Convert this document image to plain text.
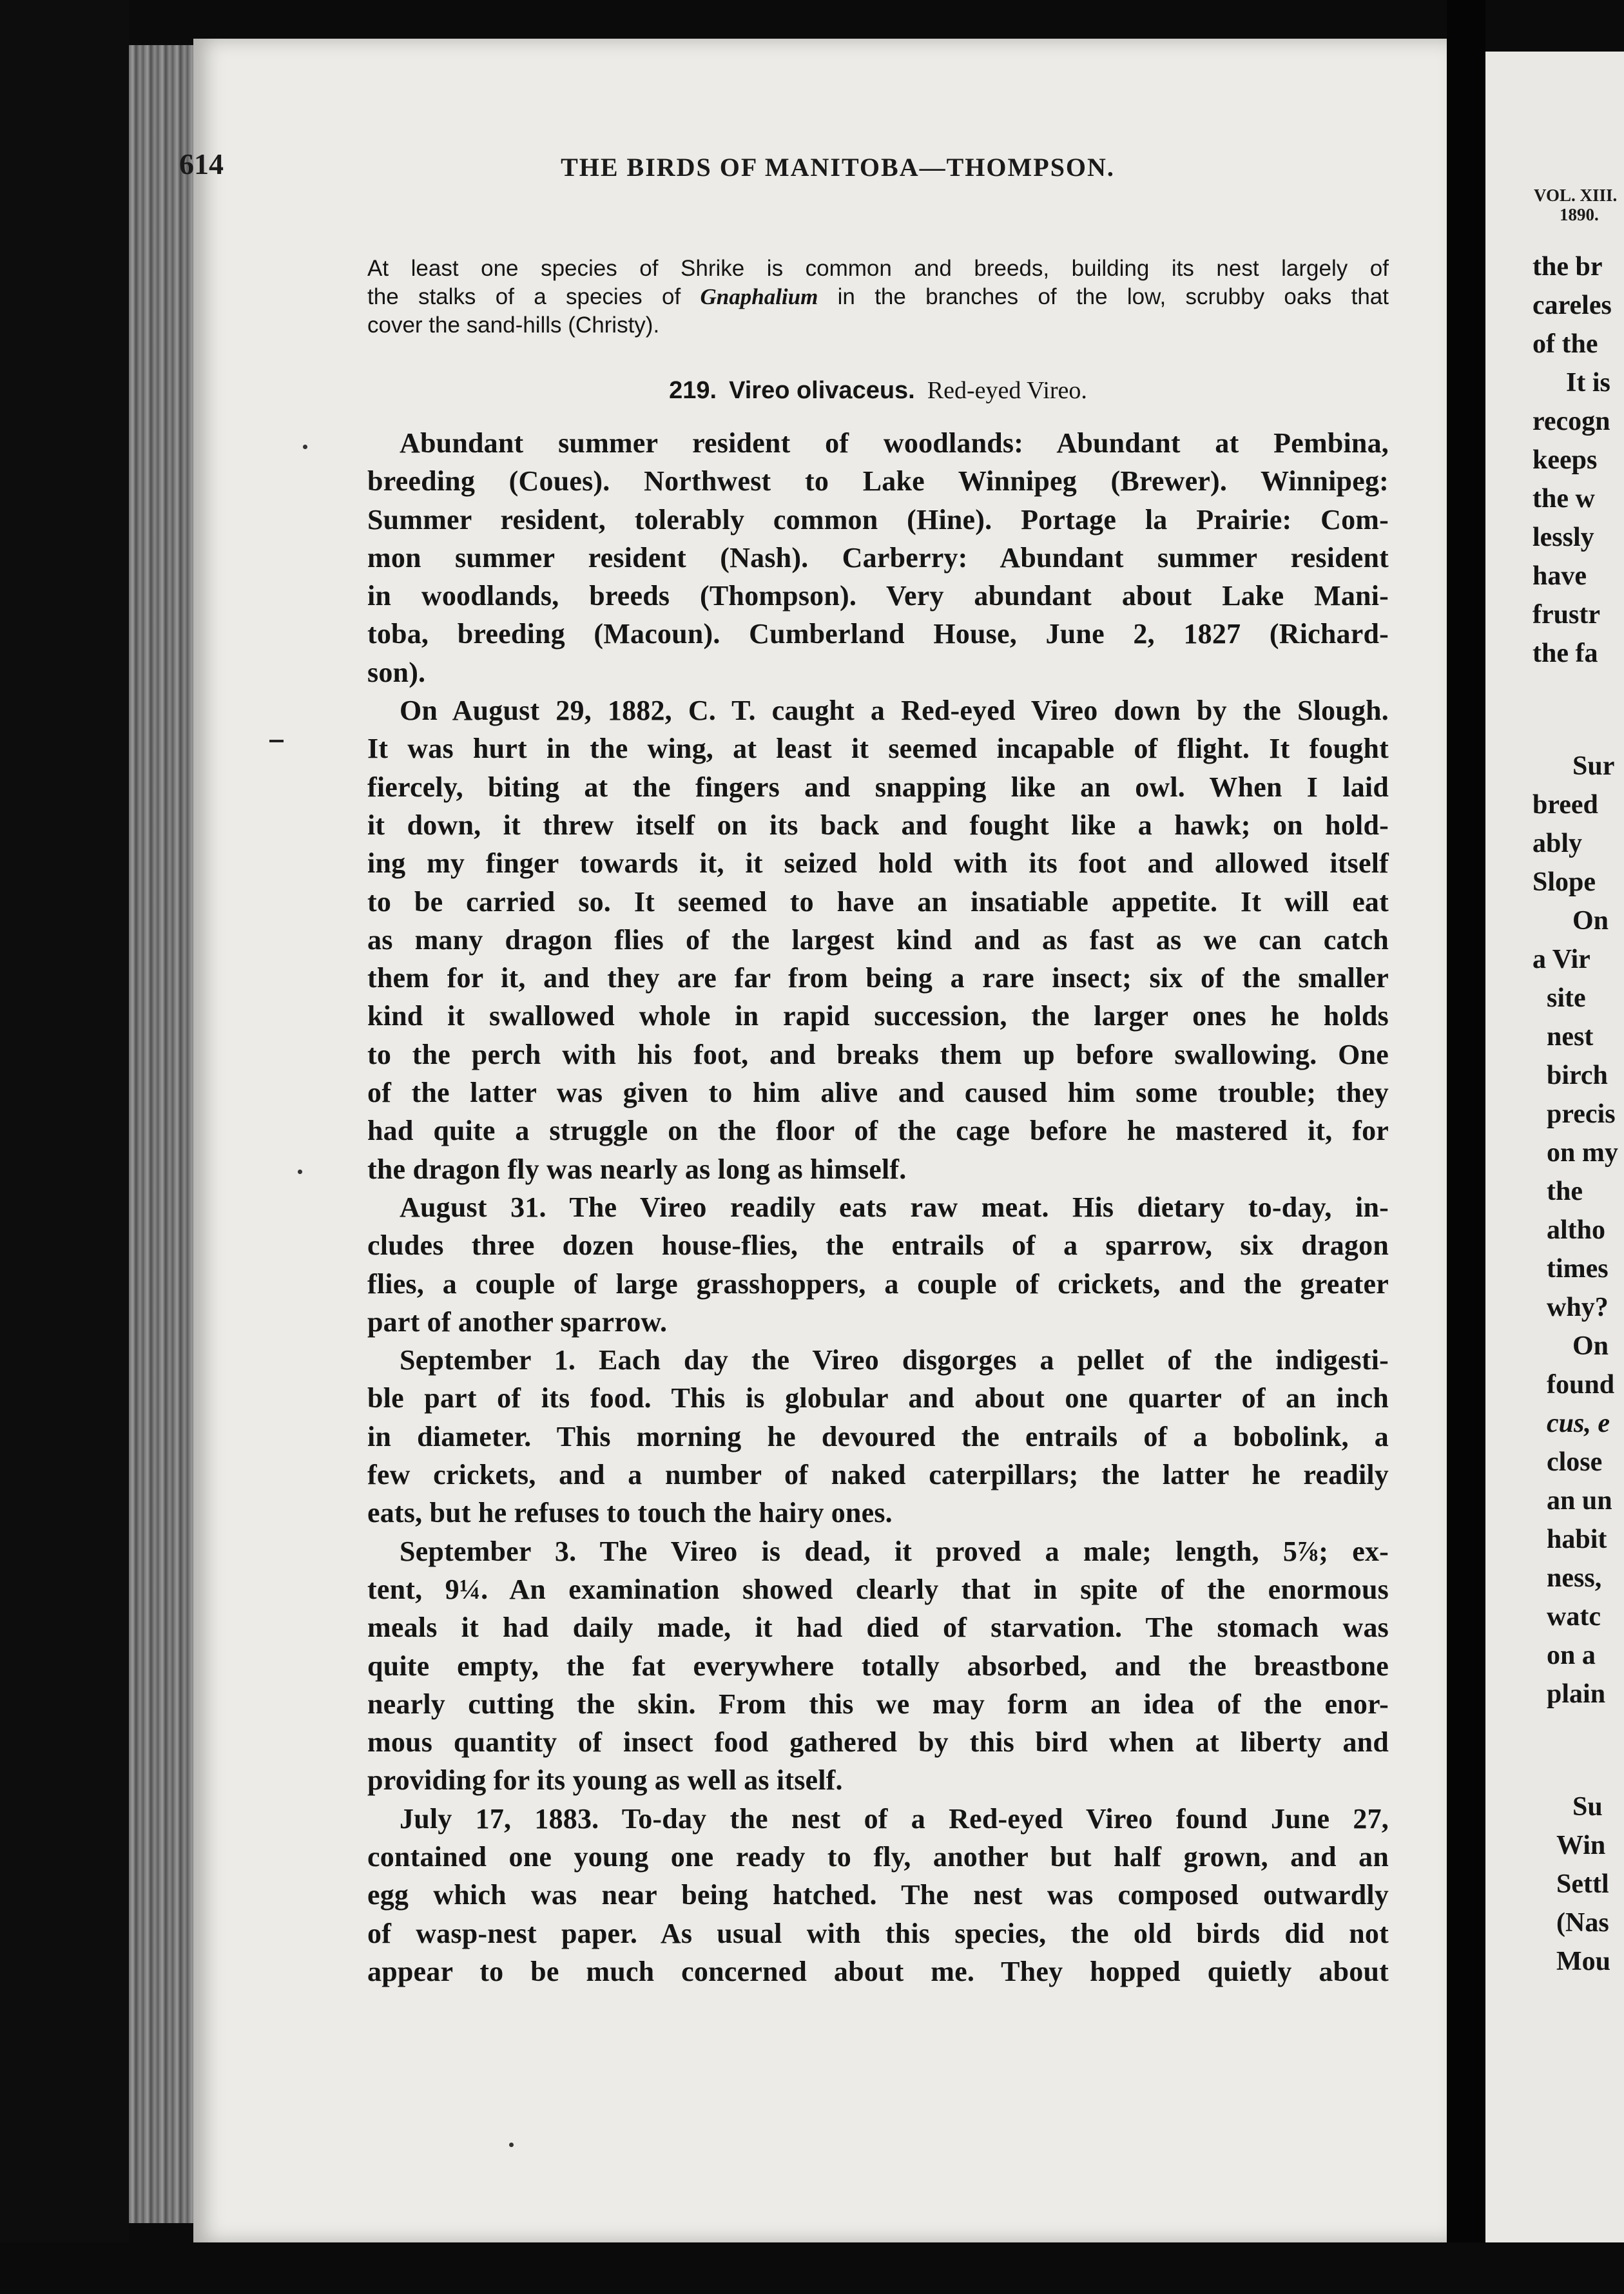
614	THE BIRDS OF MANITOBA—THOMPSON.
At least one species of Shrike is common and breeds, building its nest largely of
the stalks of a species of Gnaphalium in the branches of the low, scrubby oaks that
cover the sand-hills (Christy).
219. Vireo olivaceus. Red-eyed Vireo.
Abundant summer resident of woodlands: Abundant at Pembina,
breeding (Coues). Northwest to Lake Winnipeg (Brewer). Winnipeg:
Summer resident, tolerably common (Hine). Portage la Prairie: Com-
mon summer resident (Nash). Carberry: Abundant summer resident
in woodlands, breeds (Thompson). Very abundant about Lake Mani-
toba, breeding (Macoun). Cumberland House, June 2, 1827 (Richard-
son).
On August 29, 1882, C. T. caught a Red-eyed Vireo down by the Slough.
It was hurt in the wing, at least it seemed incapable of flight. It fought
fiercely, biting at the fingers and snapping like an owl. When I laid
it down, it threw itself on its back and fought like a hawk; on hold-
ing my finger towards it, it seized hold with its foot and allowed itself
to be carried so. It seemed to have an insatiable appetite. It will eat
as many dragon flies of the largest kind and as fast as we can catch
them for it, and they are far from being a rare insect; six of the smaller
kind it swallowed whole in rapid succession, the larger ones he holds
to the perch with his foot, and breaks them up before swallowing. One
of the latter was given to him alive and caused him some trouble; they
had quite a struggle on the floor of the cage before he mastered it, for
the dragon fly was nearly as long as himself.
August 31. The Vireo readily eats raw meat. His dietary to-day, in-
cludes three dozen house-flies, the entrails of a sparrow, six dragon
flies, a couple of large grasshoppers, a couple of crickets, and the greater
part of another sparrow.
September 1. Each day the Vireo disgorges a pellet of the indigesti-
ble part of its food. This is globular and about one quarter of an inch
in diameter. This morning he devoured the entrails of a bobolink, a
few crickets, and a number of naked caterpillars; the latter he readily
eats, but he refuses to touch the hairy ones.
September 3. The Vireo is dead, it proved a male; length, 5⅞; ex-
tent, 9¼. An examination showed clearly that in spite of the enormous
meals it had daily made, it had died of starvation. The stomach was
quite empty, the fat everywhere totally absorbed, and the breastbone
nearly cutting the skin. From this we may form an idea of the enor-
mous quantity of insect food gathered by this bird when at liberty and
providing for its young as well as itself.
July 17, 1883. To-day the nest of a Red-eyed Vireo found June 27,
contained one young one ready to fly, another but half grown, and an
egg which was near being hatched. The nest was composed outwardly
of wasp-nest paper. As usual with this species, the old birds did not
appear to be much concerned about me. They hopped quietly about
VOL. XIII.
1890.
the br
careles
of the
It is
recogn
keeps
the w
lessly
have
frustr
the fa
Sur
breed
ably
Slope
On
a Vir
site
nest
birch
precis
on my
the
altho
times
why?
On
found
cus, e
close
an un
habit
ness,
watc
on a
plain
Su
Win
Settl
(Nas
Mou
